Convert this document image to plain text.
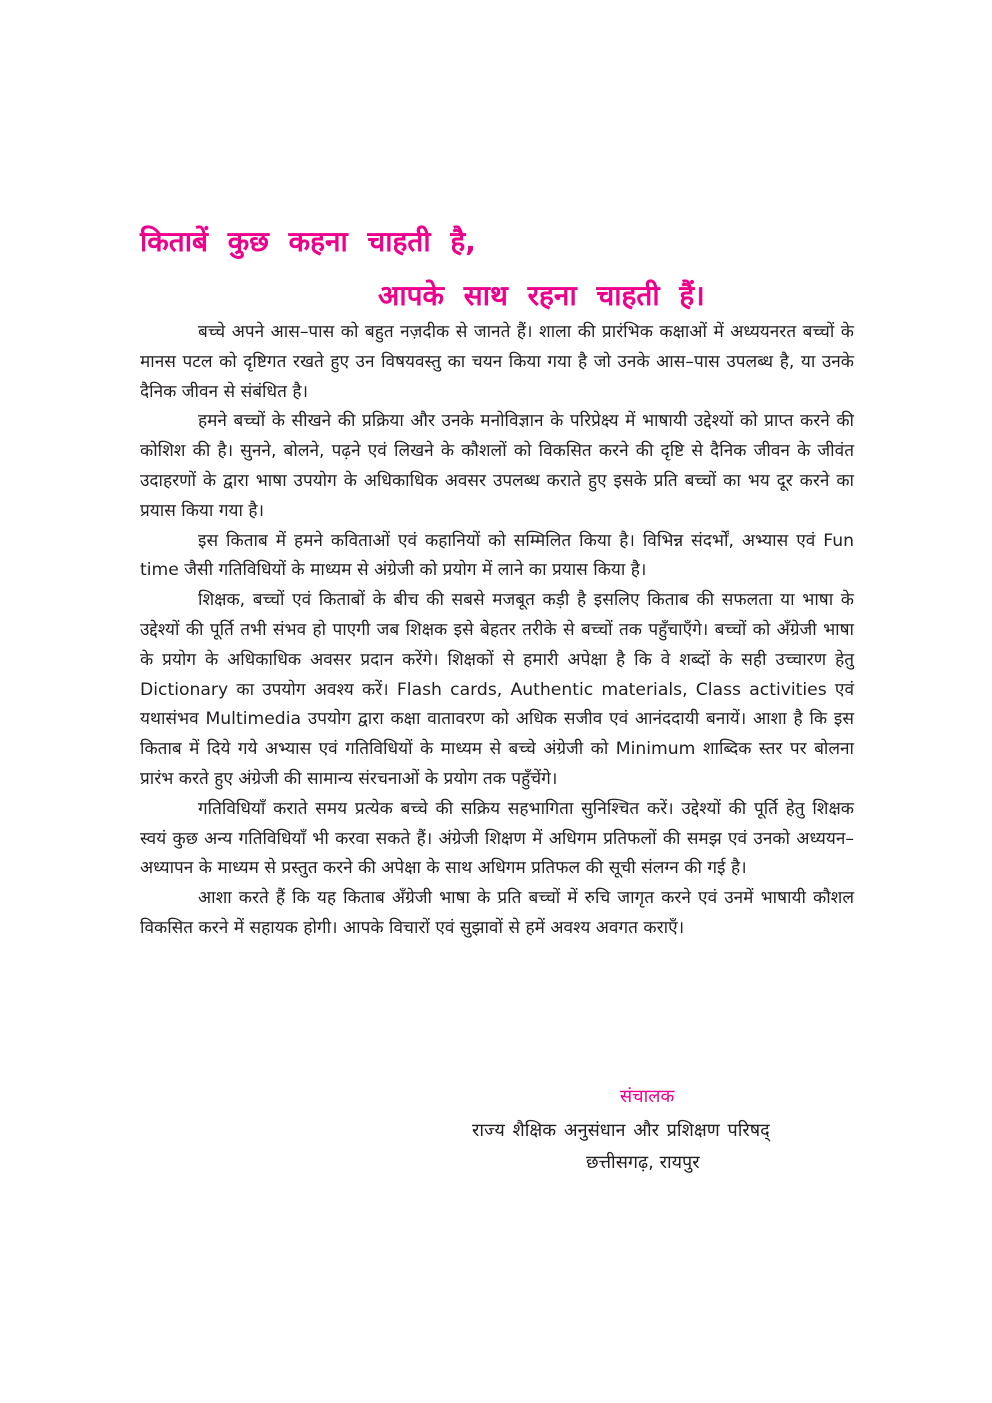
किताबें कुछ कहना चाहती है,
आपके साथ रहना चाहती हैं।

बच्चे अपने आस–पास को बहुत नज़दीक से जानते हैं। शाला की प्रारंभिक कक्षाओं में अध्ययनरत बच्चों के मानस पटल को दृष्टिगत रखते हुए उन विषयवस्तु का चयन किया गया है जो उनके आस–पास उपलब्ध है, या उनके दैनिक जीवन से संबंधित है।

हमने बच्चों के सीखने की प्रक्रिया और उनके मनोविज्ञान के परिप्रेक्ष्य में भाषायी उद्देश्यों को प्राप्त करने की कोशिश की है। सुनने, बोलने, पढ़ने एवं लिखने के कौशलों को विकसित करने की दृष्टि से दैनिक जीवन के जीवंत उदाहरणों के द्वारा भाषा उपयोग के अधिकाधिक अवसर उपलब्ध कराते हुए इसके प्रति बच्चों का भय दूर करने का प्रयास किया गया है।

इस किताब में हमने कविताओं एवं कहानियों को सम्मिलित किया है। विभिन्न संदर्भों, अभ्यास एवं Fun time जैसी गतिविधियों के माध्यम से अंग्रेजी को प्रयोग में लाने का प्रयास किया है।

शिक्षक, बच्चों एवं किताबों के बीच की सबसे मजबूत कड़ी है इसलिए किताब की सफलता या भाषा के उद्देश्यों की पूर्ति तभी संभव हो पाएगी जब शिक्षक इसे बेहतर तरीके से बच्चों तक पहुँचाएँगे। बच्चों को अँग्रेजी भाषा के प्रयोग के अधिकाधिक अवसर प्रदान करेंगे। शिक्षकों से हमारी अपेक्षा है कि वे शब्दों के सही उच्चारण हेतु Dictionary का उपयोग अवश्य करें। Flash cards, Authentic materials, Class activities एवं यथासंभव Multimedia उपयोग द्वारा कक्षा वातावरण को अधिक सजीव एवं आनंददायी बनायें। आशा है कि इस किताब में दिये गये अभ्यास एवं गतिविधियों के माध्यम से बच्चे अंग्रेजी को Minimum शाब्दिक स्तर पर बोलना प्रारंभ करते हुए अंग्रेजी की सामान्य संरचनाओं के प्रयोग तक पहुँचेंगे।

गतिविधियाँ कराते समय प्रत्येक बच्चे की सक्रिय सहभागिता सुनिश्चित करें। उद्देश्यों की पूर्ति हेतु शिक्षक स्वयं कुछ अन्य गतिविधियाँ भी करवा सकते हैं। अंग्रेजी शिक्षण में अधिगम प्रतिफलों की समझ एवं उनको अध्ययन–अध्यापन के माध्यम से प्रस्तुत करने की अपेक्षा के साथ अधिगम प्रतिफल की सूची संलग्न की गई है।

आशा करते हैं कि यह किताब अँग्रेजी भाषा के प्रति बच्चों में रुचि जागृत करने एवं उनमें भाषायी कौशल विकसित करने में सहायक होगी। आपके विचारों एवं सुझावों से हमें अवश्य अवगत कराएँ।

संचालक
राज्य शैक्षिक अनुसंधान और प्रशिक्षण परिषद्
छत्तीसगढ़, रायपुर
